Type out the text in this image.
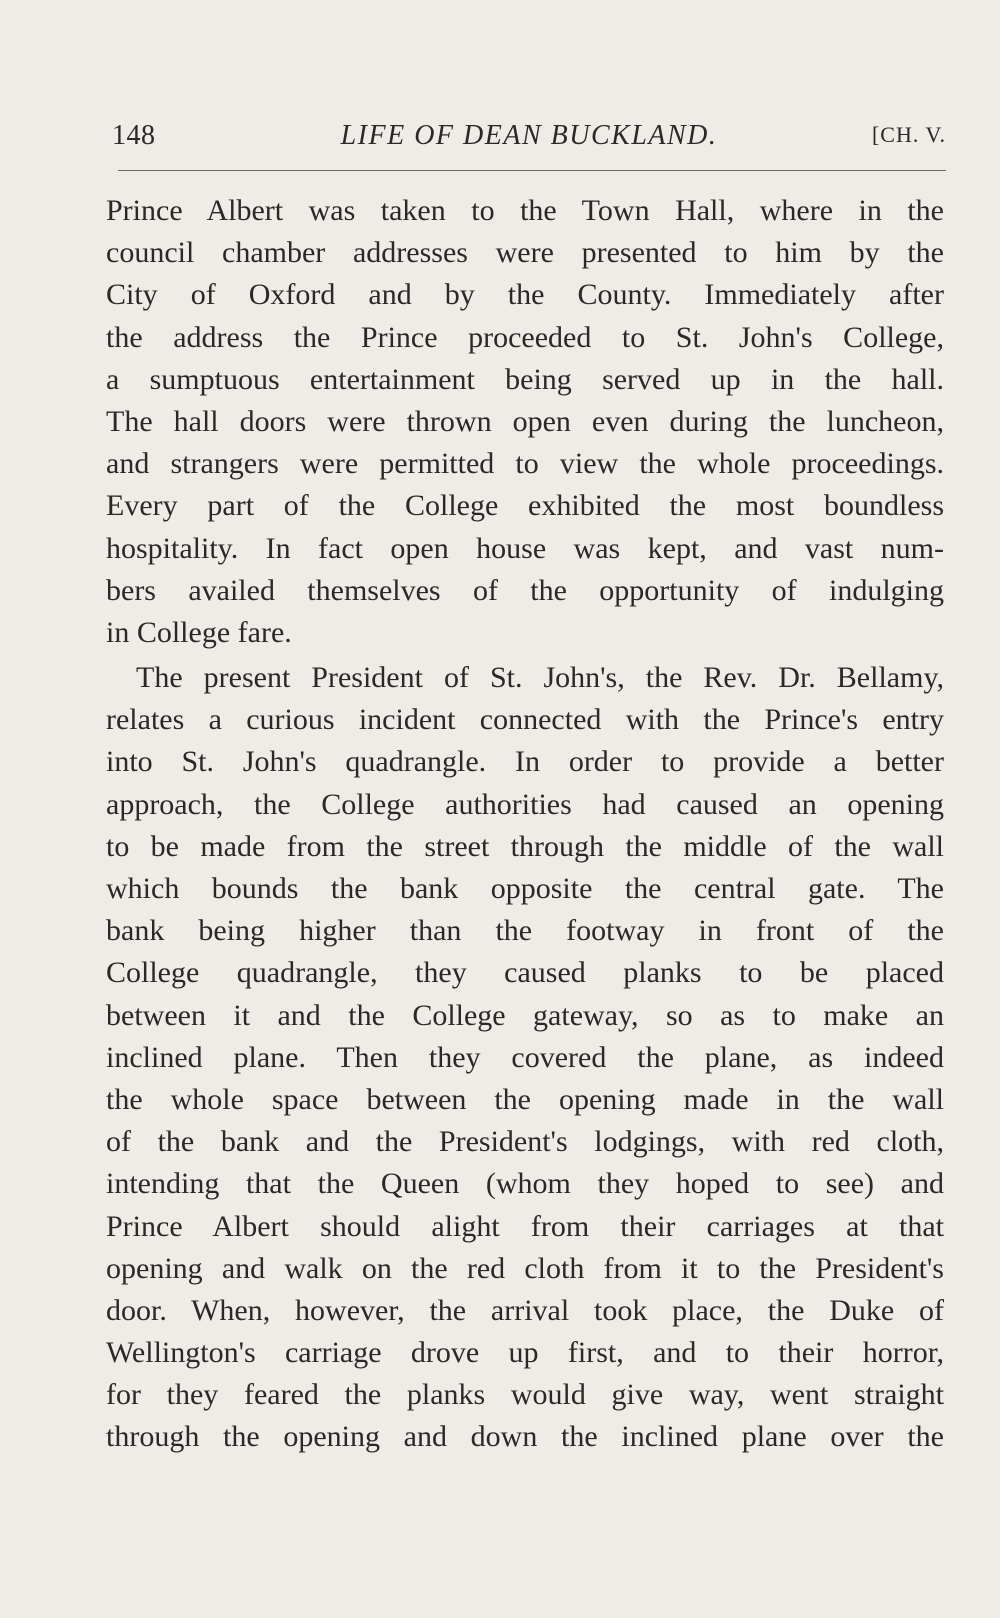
148	LIFE OF DEAN BUCKLAND.	[CH. V.
Prince Albert was taken to the Town Hall, where in the
council chamber addresses were presented to him by the
City of Oxford and by the County. Immediately after
the address the Prince proceeded to St. John's College,
a sumptuous entertainment being served up in the hall.
The hall doors were thrown open even during the luncheon,
and strangers were permitted to view the whole proceedings.
Every part of the College exhibited the most boundless
hospitality. In fact open house was kept, and vast num-
bers availed themselves of the opportunity of indulging
in College fare.
The present President of St. John's, the Rev. Dr. Bellamy,
relates a curious incident connected with the Prince's entry
into St. John's quadrangle. In order to provide a better
approach, the College authorities had caused an opening
to be made from the street through the middle of the wall
which bounds the bank opposite the central gate. The
bank being higher than the footway in front of the
College quadrangle, they caused planks to be placed
between it and the College gateway, so as to make an
inclined plane. Then they covered the plane, as indeed
the whole space between the opening made in the wall
of the bank and the President's lodgings, with red cloth,
intending that the Queen (whom they hoped to see) and
Prince Albert should alight from their carriages at that
opening and walk on the red cloth from it to the President's
door. When, however, the arrival took place, the Duke of
Wellington's carriage drove up first, and to their horror,
for they feared the planks would give way, went straight
through the opening and down the inclined plane over the
